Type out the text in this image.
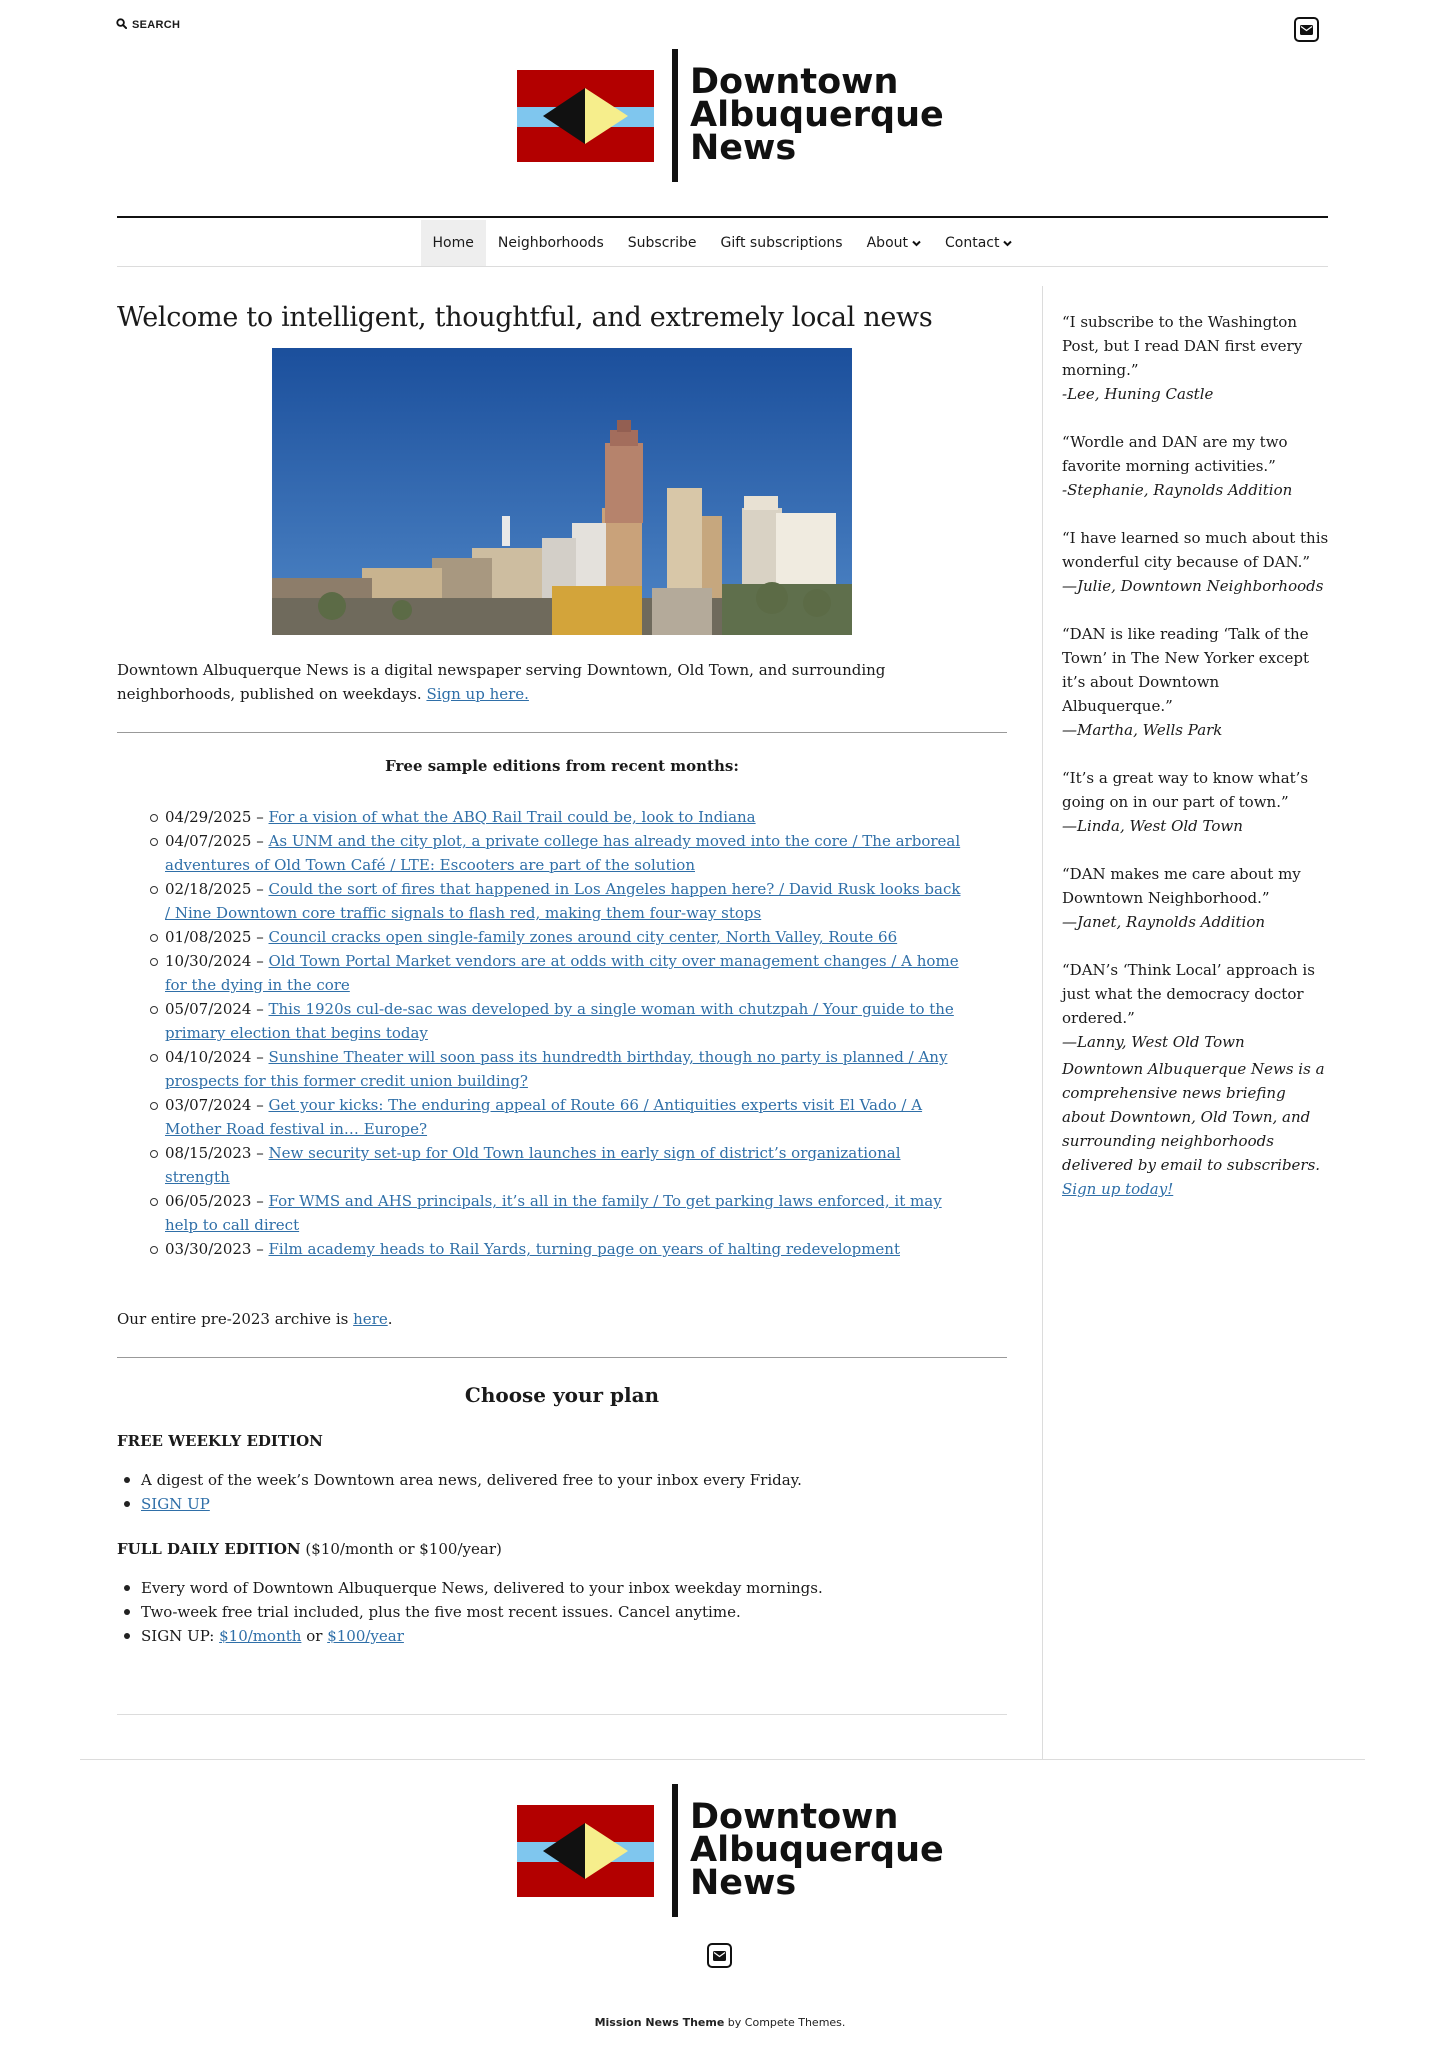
SEARCH
Downtown
Albuquerque
News
Home Neighborhoods Subscribe Gift subscriptions About	Contact
Welcome to intelligent, thoughtful, and extremely local news

Downtown Albuquerque News is a digital newspaper serving Downtown, Old Town, and surrounding neighborhoods, published on weekdays. Sign up here.

Free sample editions from recent months:
04/29/2025 – For a vision of what the ABQ Rail Trail could be, look to Indiana
04/07/2025 – As UNM and the city plot, a private college has already moved into the core / The arboreal adventures of Old Town Café / LTE: Escooters are part of the solution
02/18/2025 – Could the sort of fires that happened in Los Angeles happen here? / David Rusk looks back / Nine Downtown core traffic signals to flash red, making them four-way stops
01/08/2025 – Council cracks open single-family zones around city center, North Valley, Route 66
10/30/2024 – Old Town Portal Market vendors are at odds with city over management changes / A home for the dying in the core
05/07/2024 – This 1920s cul-de-sac was developed by a single woman with chutzpah / Your guide to the primary election that begins today
04/10/2024 – Sunshine Theater will soon pass its hundredth birthday, though no party is planned / Any prospects for this former credit union building?
03/07/2024 – Get your kicks: The enduring appeal of Route 66 / Antiquities experts visit El Vado / A Mother Road festival in… Europe?
08/15/2023 – New security set-up for Old Town launches in early sign of district’s organizational strength
06/05/2023 – For WMS and AHS principals, it’s all in the family / To get parking laws enforced, it may help to call direct
03/30/2023 – Film academy heads to Rail Yards, turning page on years of halting redevelopment

Our entire pre-2023 archive is here.

Choose your plan
FREE WEEKLY EDITION
A digest of the week’s Downtown area news, delivered free to your inbox every Friday.
SIGN UP
FULL DAILY EDITION ($10/month or $100/year)
Every word of Downtown Albuquerque News, delivered to your inbox weekday mornings.
Two-week free trial included, plus the five most recent issues. Cancel anytime.
SIGN UP: $10/month or $100/year
“I subscribe to the Washington Post, but I read DAN first every morning.”
-Lee, Huning Castle
“Wordle and DAN are my two favorite morning activities.”
-Stephanie, Raynolds Addition
“I have learned so much about this wonderful city because of DAN.”
—Julie, Downtown Neighborhoods
“DAN is like reading ‘Talk of the Town’ in The New Yorker except it’s about Downtown Albuquerque.”
—Martha, Wells Park
“It’s a great way to know what’s going on in our part of town.”
—Linda, West Old Town
“DAN makes me care about my Downtown Neighborhood.”
—Janet, Raynolds Addition
“DAN’s ‘Think Local’ approach is just what the democracy doctor ordered.”
—Lanny, West Old Town

Downtown Albuquerque News is a comprehensive news briefing about Downtown, Old Town, and surrounding neighborhoods delivered by email to subscribers. Sign up today!

Downtown
Albuquerque
News
Mission News Theme by Compete Themes.
